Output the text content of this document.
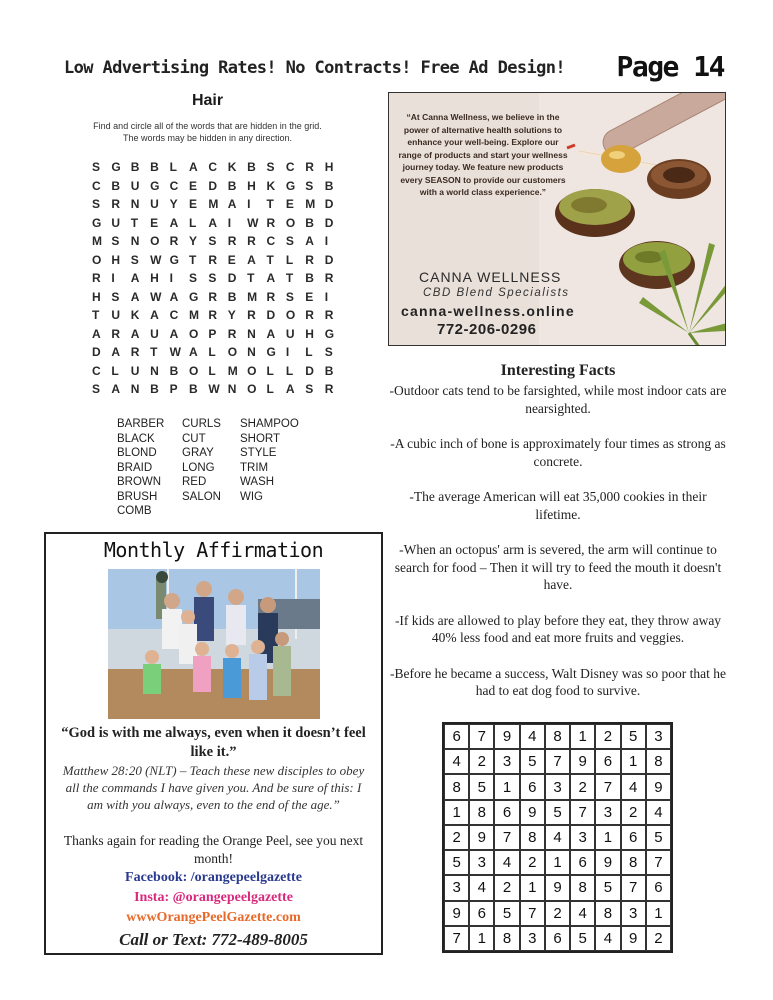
Low Advertising Rates! No Contracts! Free Ad Design! Page 14
Hair
Find and circle all of the words that are hidden in the grid.
The words may be hidden in any direction.
S G B B L	A C K B S C R H
C B U G C E D B H K G S B
S R N U Y E M A I	T	E M D
G U T	E A L	A I	W R O B D
M S N O R Y S R R C S A I
O H S W G T	R E A T	L	R D
R I	A H I	S S D T	A T	B R
H S A W A G R B M R S E I
T	U K A C M R Y R D O R R
A R A U A O P R N A U H G
D A R T	W A L	O N G I	L	S
C L	U N B O L	M O L	L	D B
S A N B P B W N O L	A S R
BARBER
BLACK
BLOND
BRAID
BROWN
BRUSH
COMB
CURLS
CUT
GRAY
LONG
RED
SALON
SHAMPOO
SHORT
STYLE
TRIM
WASH
WIG
“At Canna Wellness, we believe in the power of alternative health solutions to enhance your well-being. Explore our range of products and start your wellness journey today. We feature new products every SEASON to provide our customers with a world class experience.”
CANNA WELLNESS
CBD Blend Specialists
canna-wellness.online
772-206-0296
Interesting Facts

-Outdoor cats tend to be farsighted, while most indoor cats are nearsighted.

-A cubic inch of bone is approximately four times as strong as concrete.

-The average American will eat 35,000 cookies in their lifetime.

-When an octopus' arm is severed, the arm will continue to search for food – Then it will try to feed the mouth it doesn't have.

-If kids are allowed to play before they eat, they throw away 40% less food and eat more fruits and veggies.

-Before he became a success, Walt Disney was so poor that he had to eat dog food to survive.

Monthly Affirmation
“God is with me always, even when it doesn’t feel like it.”
Matthew 28:20 (NLT) – Teach these new disciples to obey all the commands I have given you. And be sure of this: I am with you always, even to the end of the age.”
Thanks again for reading the Orange Peel, see you next month!
Facebook: /orangepeelgazette
Insta: @orangepeelgazette
wwwOrangePeelGazette.com
Call or Text: 772-489-8005
6	7	9	4	8	1	2	5	3
4	2	3	5	7	9	6	1	8
8	5	1	6	3	2	7	4	9
1	8	6	9	5	7	3	2	4
2	9	7	8	4	3	1	6	5
5	3	4	2	1	6	9	8	7
3	4	2	1	9	8	5	7	6
9	6	5	7	2	4	8	3	1
7	1	8	3	6	5	4	9	2
